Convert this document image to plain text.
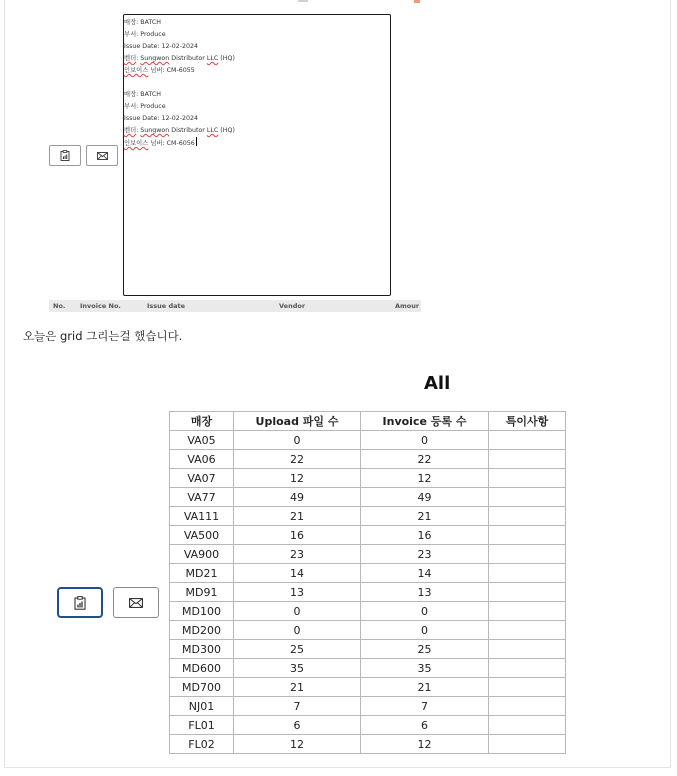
매장: BATCH
부서: Produce
Issue Date: 12-02-2024
벤더: Sungwon Distributor LLC (HQ)
인보이스 넘버: CM-6055
매장: BATCH
부서: Produce
Issue Date: 12-02-2024
벤더: Sungwon Distributor LLC (HQ)
인보이스 넘버: CM-6056
No. Invoice No.	Issue date	Vendor	Amour
오늘은 grid 그리는걸 했습니다.
All
매장	Upload 파일 수	Invoice 등록 수	특이사항
VA05	0	0	
VA06	22	22	
VA07	12	12	
VA77	49	49	
VA111	21	21	
VA500	16	16	
VA900	23	23	
MD21	14	14	
MD91	13	13	
MD100	0	0	
MD200	0	0	
MD300	25	25	
MD600	35	35	
MD700	21	21	
NJ01	7	7	
FL01	6	6	
FL02	12	12	
